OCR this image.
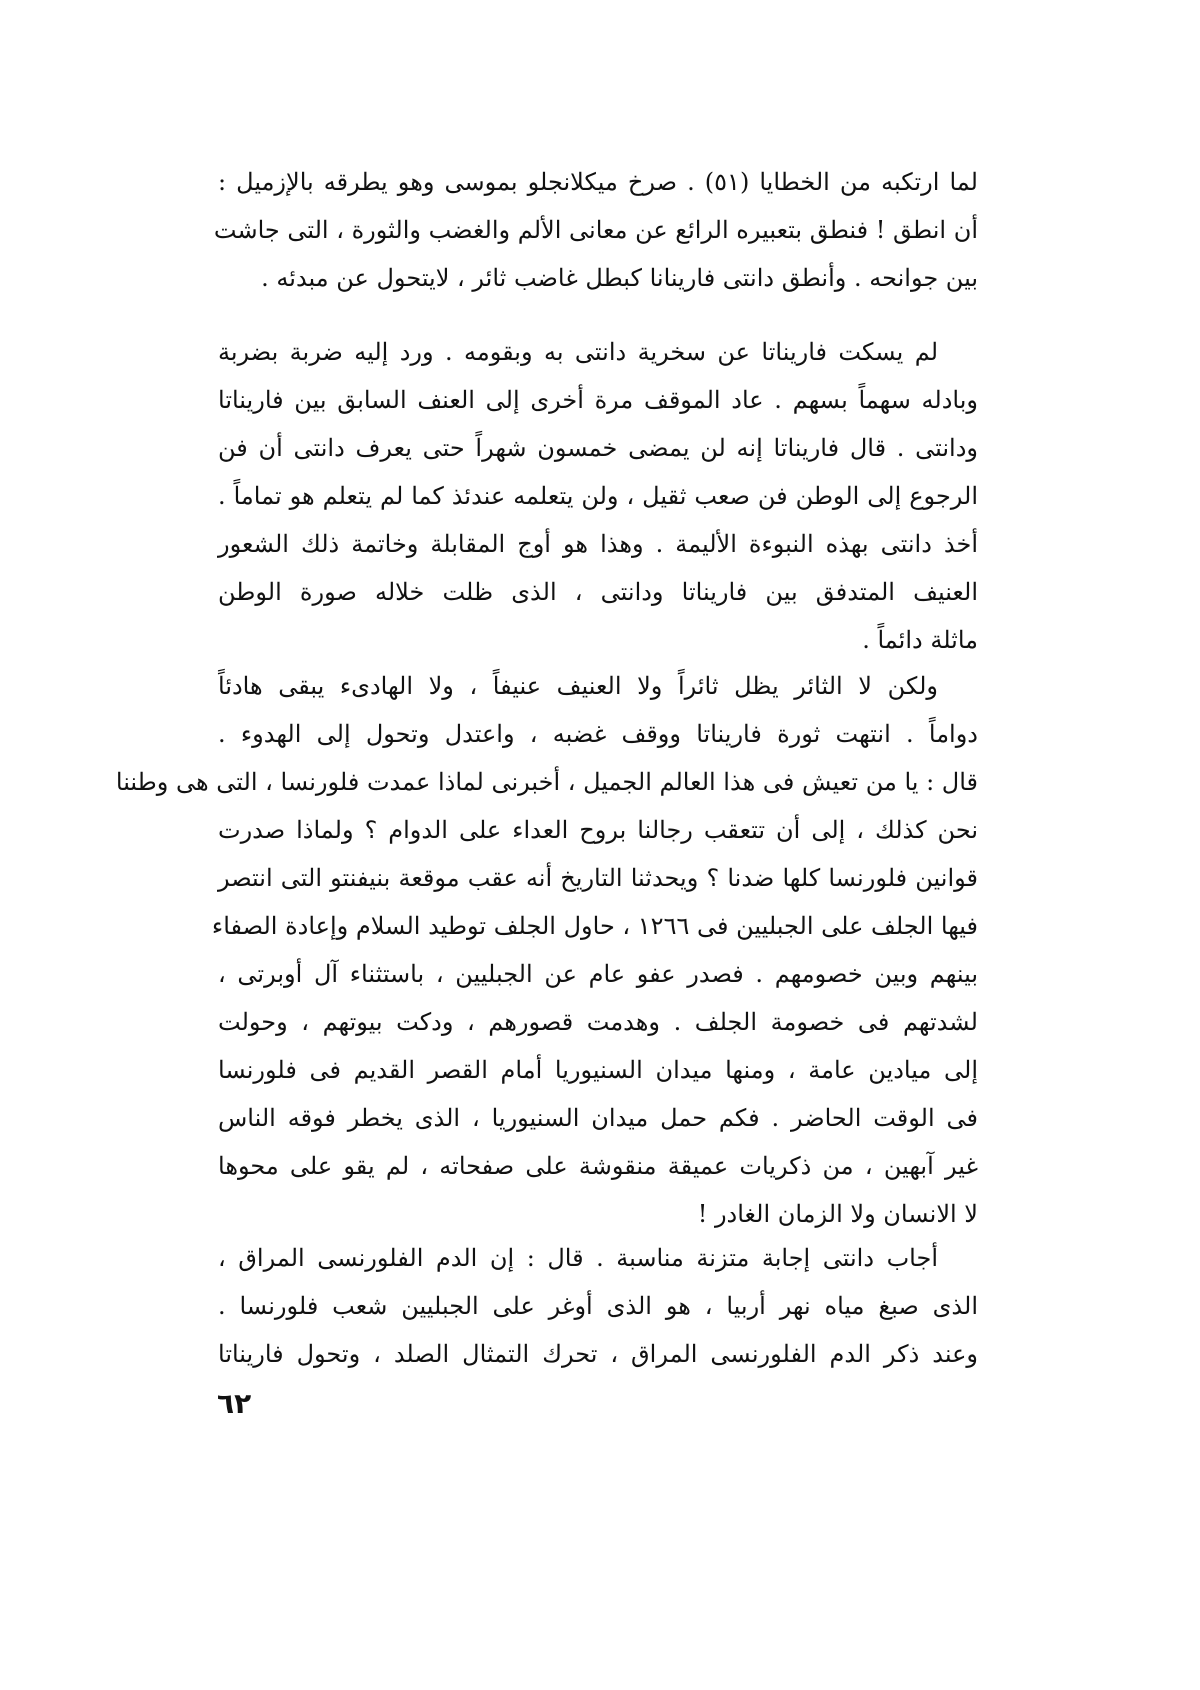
لما ارتكبه من الخطايا (٥١) . صرخ ميكلانجلو بموسى وهو يطرقه بالإزميل :
أن انطق ! فنطق بتعبيره الرائع عن معانى الألم والغضب والثورة ، التى جاشت
بين جوانحه . وأنطق دانتى فارينانا كبطل غاضب ثائر ، لايتحول عن مبدئه .
لم يسكت فاريناتا عن سخرية دانتى به وبقومه . ورد إليه ضربة بضربة
وبادله سهماً بسهم . عاد الموقف مرة أخرى إلى العنف السابق بين فاريناتا
ودانتى . قال فاريناتا إنه لن يمضى خمسون شهراً حتى يعرف دانتى أن فن
الرجوع إلى الوطن فن صعب ثقيل ، ولن يتعلمه عندئذ كما لم يتعلم هو تماماً .
أخذ دانتى بهذه النبوءة الأليمة . وهذا هو أوج المقابلة وخاتمة ذلك الشعور
العنيف المتدفق بين فاريناتا ودانتى ، الذى ظلت خلاله صورة الوطن
ماثلة دائماً .
ولكن لا الثائر يظل ثائراً ولا العنيف عنيفاً ، ولا الهادىء يبقى هادئاً
دواماً . انتهت ثورة فاريناتا ووقف غضبه ، واعتدل وتحول إلى الهدوء .
قال : يا من تعيش فى هذا العالم الجميل ، أخبرنى لماذا عمدت فلورنسا ، التى هى وطننا
نحن كذلك ، إلى أن تتعقب رجالنا بروح العداء على الدوام ؟ ولماذا صدرت
قوانين فلورنسا كلها ضدنا ؟ ويحدثنا التاريخ أنه عقب موقعة بنيفنتو التى انتصر
فيها الجلف على الجبليين فى ١٢٦٦ ، حاول الجلف توطيد السلام وإعادة الصفاء
بينهم وبين خصومهم . فصدر عفو عام عن الجبليين ، باستثناء آل أوبرتى ،
لشدتهم فى خصومة الجلف . وهدمت قصورهم ، ودكت بيوتهم ، وحولت
إلى ميادين عامة ، ومنها ميدان السنيوريا أمام القصر القديم فى فلورنسا
فى الوقت الحاضر . فكم حمل ميدان السنيوريا ، الذى يخطر فوقه الناس
غير آبهين ، من ذكريات عميقة منقوشة على صفحاته ، لم يقو على محوها
لا الانسان ولا الزمان الغادر !
أجاب دانتى إجابة متزنة مناسبة . قال : إن الدم الفلورنسى المراق ،
الذى صبغ مياه نهر أربيا ، هو الذى أوغر على الجبليين شعب فلورنسا .
وعند ذكر الدم الفلورنسى المراق ، تحرك التمثال الصلد ، وتحول فاريناتا
٦٢
